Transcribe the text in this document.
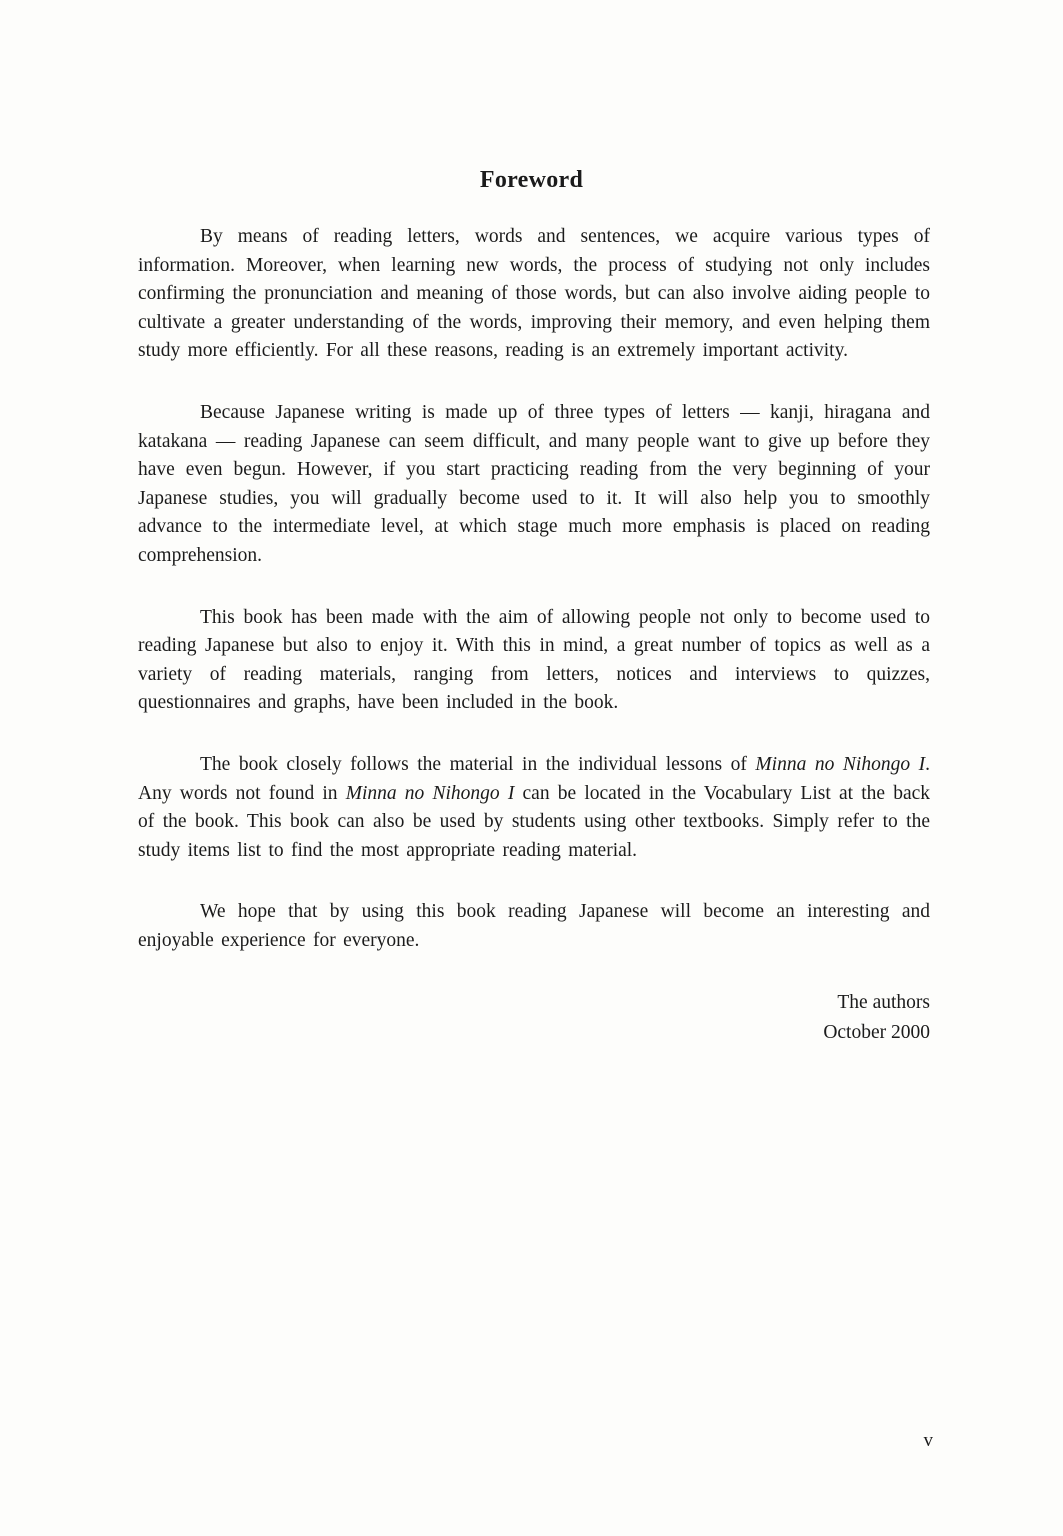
Foreword

By means of reading letters, words and sentences, we acquire various types of information. Moreover, when learning new words, the process of studying not only includes confirming the pronunciation and meaning of those words, but can also involve aiding people to cultivate a greater understanding of the words, improving their memory, and even helping them study more efficiently. For all these reasons, reading is an extremely important activity.

Because Japanese writing is made up of three types of letters — kanji, hiragana and katakana — reading Japanese can seem difficult, and many people want to give up before they have even begun. However, if you start practicing reading from the very beginning of your Japanese studies, you will gradually become used to it. It will also help you to smoothly advance to the intermediate level, at which stage much more emphasis is placed on reading comprehension.

This book has been made with the aim of allowing people not only to become used to reading Japanese but also to enjoy it. With this in mind, a great number of topics as well as a variety of reading materials, ranging from letters, notices and interviews to quizzes, questionnaires and graphs, have been included in the book.

The book closely follows the material in the individual lessons of Minna no Nihongo I. Any words not found in Minna no Nihongo I can be located in the Vocabulary List at the back of the book. This book can also be used by students using other textbooks. Simply refer to the study items list to find the most appropriate reading material.

We hope that by using this book reading Japanese will become an interesting and enjoyable experience for everyone.

The authors
October 2000
v
